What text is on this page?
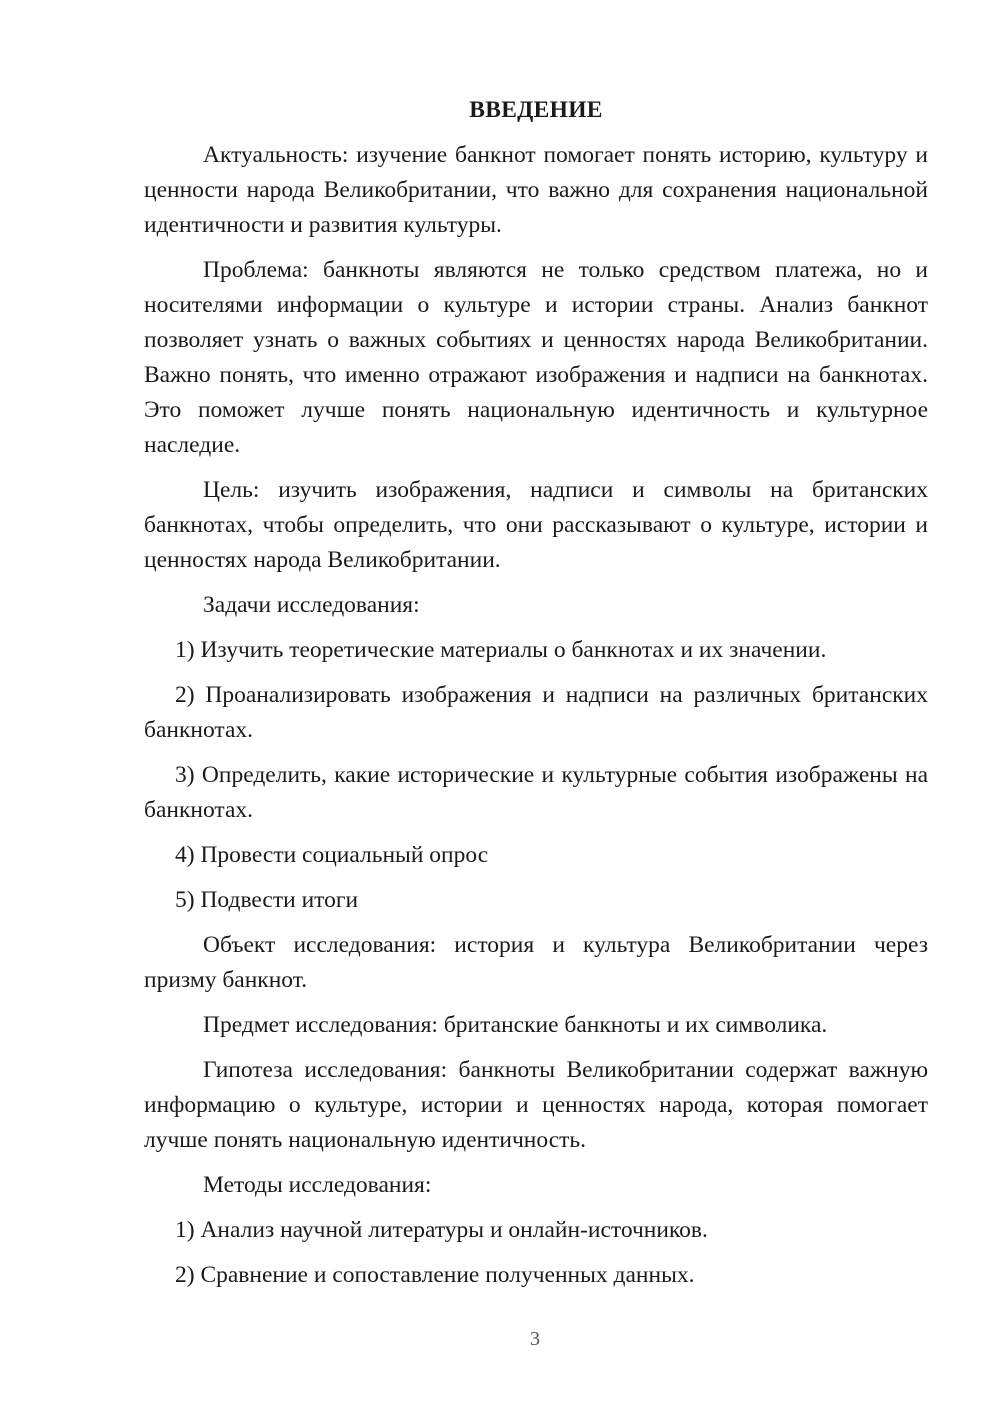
ВВЕДЕНИЕ

Актуальность: изучение банкнот помогает понять историю, культуру и ценности народа Великобритании, что важно для сохранения национальной идентичности и развития культуры.

Проблема: банкноты являются не только средством платежа, но и носителями информации о культуре и истории страны. Анализ банкнот позволяет узнать о важных событиях и ценностях народа Великобритании. Важно понять, что именно отражают изображения и надписи на банкнотах. Это поможет лучше понять национальную идентичность и культурное наследие.

Цель: изучить изображения, надписи и символы на британских банкнотах, чтобы определить, что они рассказывают о культуре, истории и ценностях народа Великобритании.

Задачи исследования:

1) Изучить теоретические материалы о банкнотах и их значении.

2) Проанализировать изображения и надписи на различных британских банкнотах.

3) Определить, какие исторические и культурные события изображены на банкнотах.

4) Провести социальный опрос

5) Подвести итоги

Объект исследования: история и культура Великобритании через призму банкнот.

Предмет исследования: британские банкноты и их символика.

Гипотеза исследования: банкноты Великобритании содержат важную информацию о культуре, истории и ценностях народа, которая помогает лучше понять национальную идентичность.

Методы исследования:

1) Анализ научной литературы и онлайн-источников.

2) Сравнение и сопоставление полученных данных.

3
